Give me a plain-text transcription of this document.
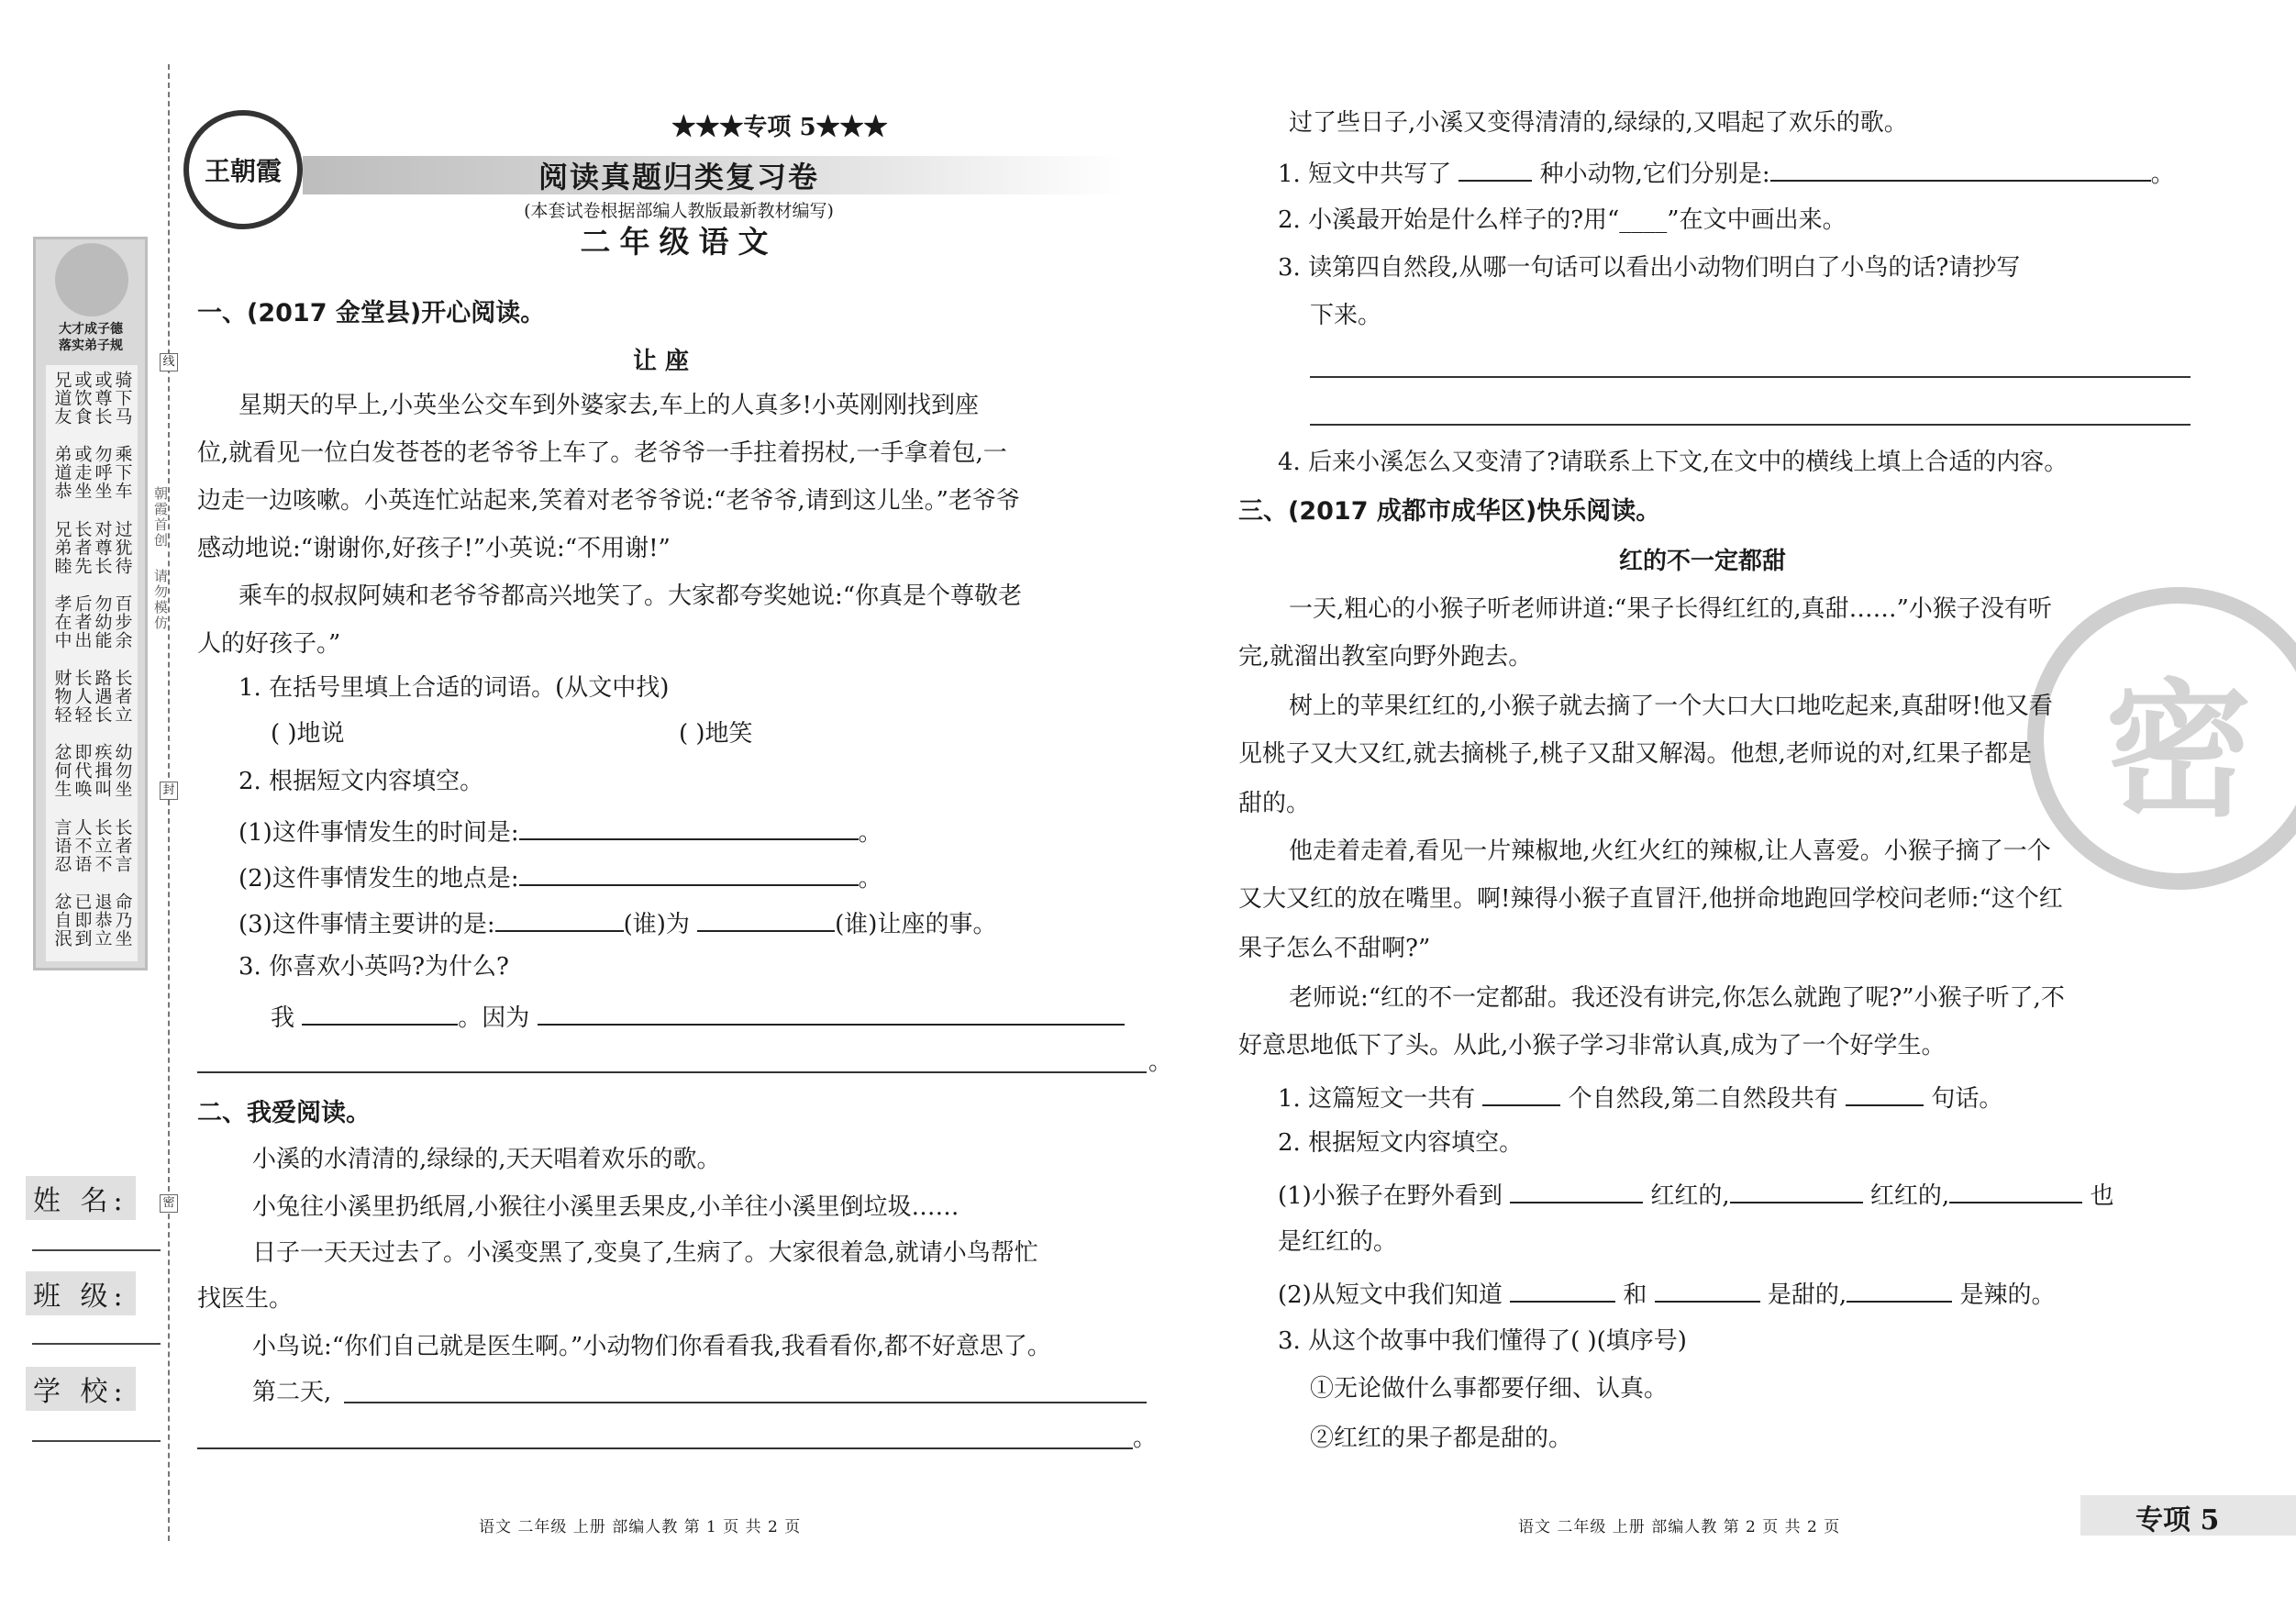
大才成子德
落实弟子规
骑下马
或尊长
或饮食
兄道友
乘下车
勿呼坐
或走坐
弟道恭
过犹待
对尊长
长者先
兄弟睦
百步余
勿幼能
后者出
孝在中
长者立
路遇长
长人轻
财物轻
幼勿坐
疾揖叫
即代唤
忿何生
长者言
长立不
人不语
言语忍
命乃坐
退恭立
已即到
忿自泯
线
封
密
朝霞首创
请勿模仿
姓 名:
班 级:
学 校:
王朝霞
★★★专项 5★★★
阅读真题归类复习卷
(本套试卷根据部编人教版最新教材编写)
二年级语文
一、(2017 金堂县)开心阅读。
让 座
星期天的早上,小英坐公交车到外婆家去,车上的人真多!小英刚刚找到座
位,就看见一位白发苍苍的老爷爷上车了。老爷爷一手拄着拐杖,一手拿着包,一
边走一边咳嗽。小英连忙站起来,笑着对老爷爷说:“老爷爷,请到这儿坐。”老爷爷
感动地说:“谢谢你,好孩子!”小英说:“不用谢!”
乘车的叔叔阿姨和老爷爷都高兴地笑了。大家都夸奖她说:“你真是个尊敬老
人的好孩子。”
1. 在括号里填上合适的词语。(从文中找)
( )地说	( )地笑
2. 根据短文内容填空。
(1)这件事情发生的时间是:	。
(2)这件事情发生的地点是:	。
(3)这件事情主要讲的是:	(谁)为	(谁)让座的事。
3. 你喜欢小英吗?为什么?
我	。因为
。
二、我爱阅读。
小溪的水清清的,绿绿的,天天唱着欢乐的歌。
小兔往小溪里扔纸屑,小猴往小溪里丢果皮,小羊往小溪里倒垃圾……
日子一天天过去了。小溪变黑了,变臭了,生病了。大家很着急,就请小鸟帮忙
找医生。
小鸟说:“你们自己就是医生啊。”小动物们你看看我,我看看你,都不好意思了。
第二天,
。
语文 二年级 上册 部编人教 第 1 页 共 2 页
密
过了些日子,小溪又变得清清的,绿绿的,又唱起了欢乐的歌。
1. 短文中共写了	种小动物,它们分别是:	。
2. 小溪最开始是什么样子的?用“____”在文中画出来。
3. 读第四自然段,从哪一句话可以看出小动物们明白了小鸟的话?请抄写
下来。
4. 后来小溪怎么又变清了?请联系上下文,在文中的横线上填上合适的内容。
三、(2017 成都市成华区)快乐阅读。
红的不一定都甜
一天,粗心的小猴子听老师讲道:“果子长得红红的,真甜……”小猴子没有听
完,就溜出教室向野外跑去。
树上的苹果红红的,小猴子就去摘了一个大口大口地吃起来,真甜呀!他又看
见桃子又大又红,就去摘桃子,桃子又甜又解渴。他想,老师说的对,红果子都是
甜的。
他走着走着,看见一片辣椒地,火红火红的辣椒,让人喜爱。小猴子摘了一个
又大又红的放在嘴里。啊!辣得小猴子直冒汗,他拼命地跑回学校问老师:“这个红
果子怎么不甜啊?”
老师说:“红的不一定都甜。我还没有讲完,你怎么就跑了呢?”小猴子听了,不
好意思地低下了头。从此,小猴子学习非常认真,成为了一个好学生。
1. 这篇短文一共有	个自然段,第二自然段共有	句话。
2. 根据短文内容填空。
(1)小猴子在野外看到	红红的,	红红的,	也
是红红的。
(2)从短文中我们知道	和	是甜的,	是辣的。
3. 从这个故事中我们懂得了( )(填序号)
①无论做什么事都要仔细、认真。
②红红的果子都是甜的。
语文 二年级 上册 部编人教 第 2 页 共 2 页	专项 5
